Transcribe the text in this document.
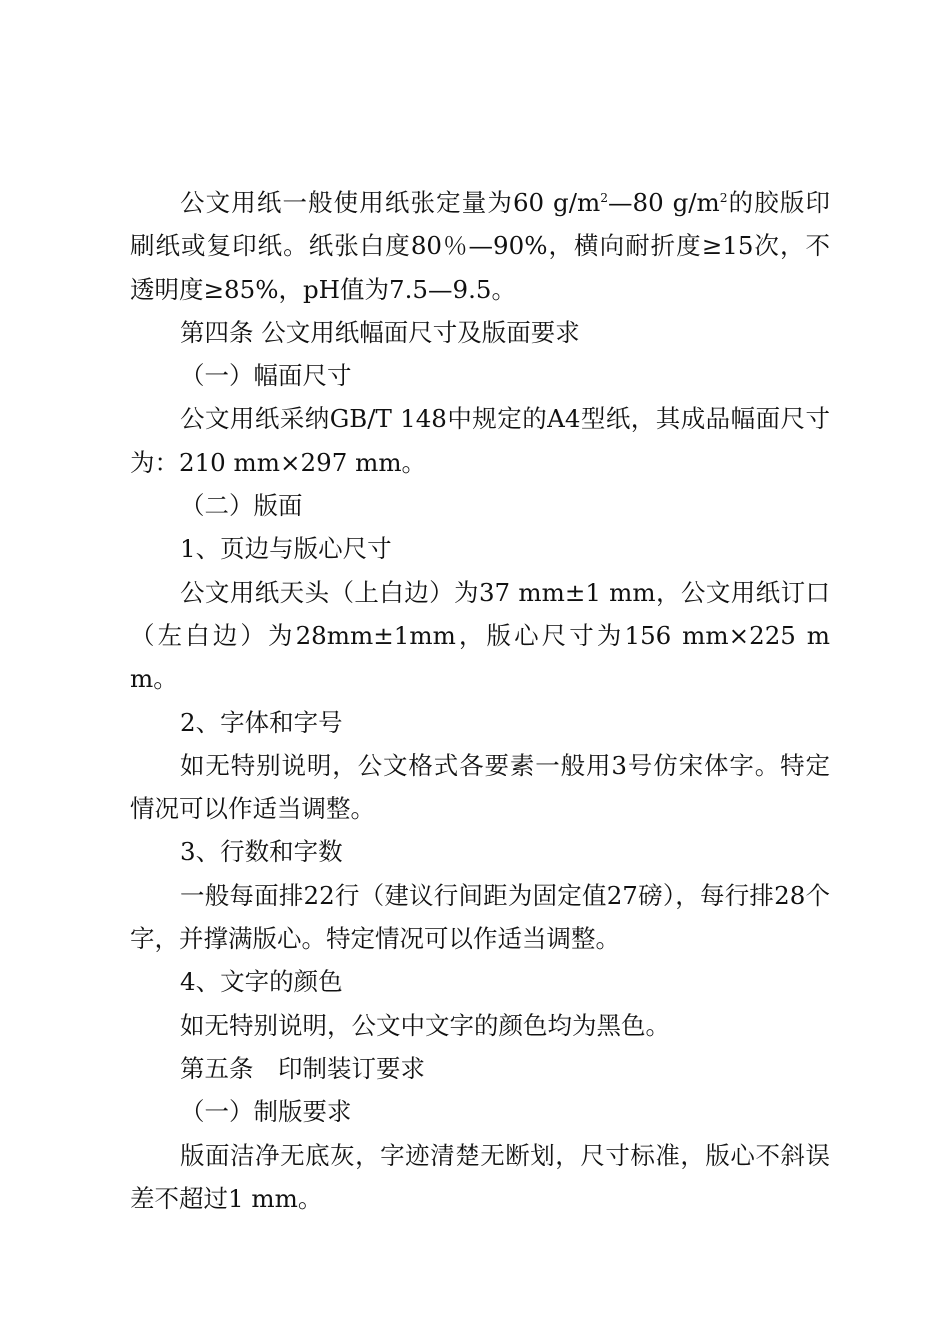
公文用纸一般使用纸张定量为60 $g/m^2—80$ $g/m^2$的胶版印刷纸或复印纸。纸张白度80％—90%，横向耐折度≥15次，不透明度≥85%，pH值为7.5—9.5。

第四条 公文用纸幅面尺寸及版面要求

（一）幅面尺寸

公文用纸采纳GB/T 148中规定的A4型纸，其成品幅面尺寸为：210 mm×297 mm。

（二）版面

1、页边与版心尺寸

公文用纸天头（上白边）为37 mm±1 mm，公文用纸订口（左白边）为28mm±1mm，版心尺寸为156 mm×225 mm。

2、字体和字号

如无特别说明，公文格式各要素一般用3号仿宋体字。特定情况可以作适当调整。

3、行数和字数

一般每面排22行（建议行间距为固定值27磅），每行排28个字，并撑满版心。特定情况可以作适当调整。

4、文字的颜色

如无特别说明，公文中文字的颜色均为黑色。

第五条　印制装订要求

（一）制版要求

版面洁净无底灰，字迹清楚无断划，尺寸标准，版心不斜误差不超过1 mm。
